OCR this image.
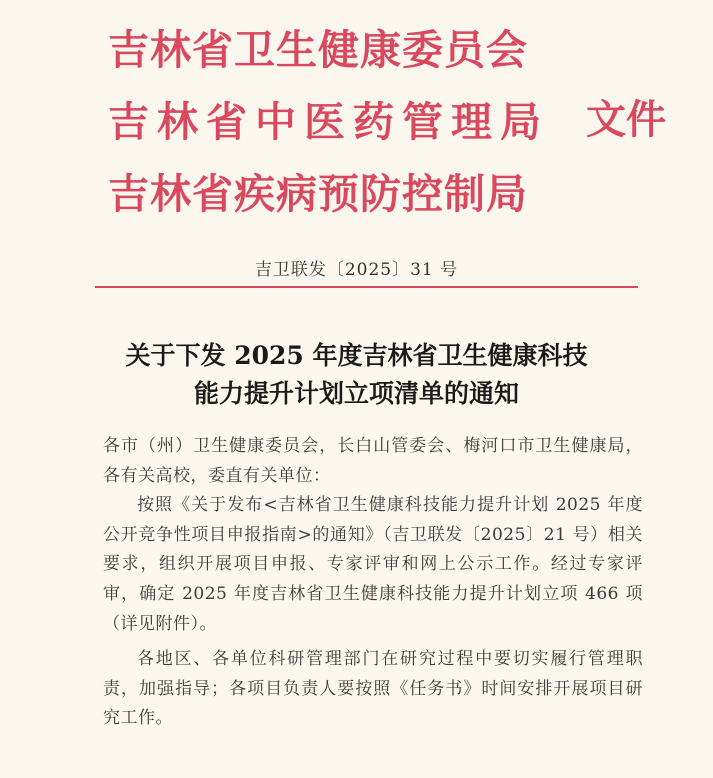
吉林省卫生健康委员会
吉林省中医药管理局
吉林省疾病预防控制局
文件
吉卫联发〔2025〕31 号
关于下发 2025 年度吉林省卫生健康科技
能力提升计划立项清单的通知

各市（州）卫生健康委员会，长白山管委会、梅河口市卫生健康局，各有关高校，委直有关单位：

按照《关于发布<吉林省卫生健康科技能力提升计划 2025 年度公开竞争性项目申报指南>的通知》（吉卫联发〔2025〕21 号）相关要求，组织开展项目申报、专家评审和网上公示工作。经过专家评审，确定 2025 年度吉林省卫生健康科技能力提升计划立项 466 项（详见附件）。

各地区、各单位科研管理部门在研究过程中要切实履行管理职责，加强指导；各项目负责人要按照《任务书》时间安排开展项目研究工作。
